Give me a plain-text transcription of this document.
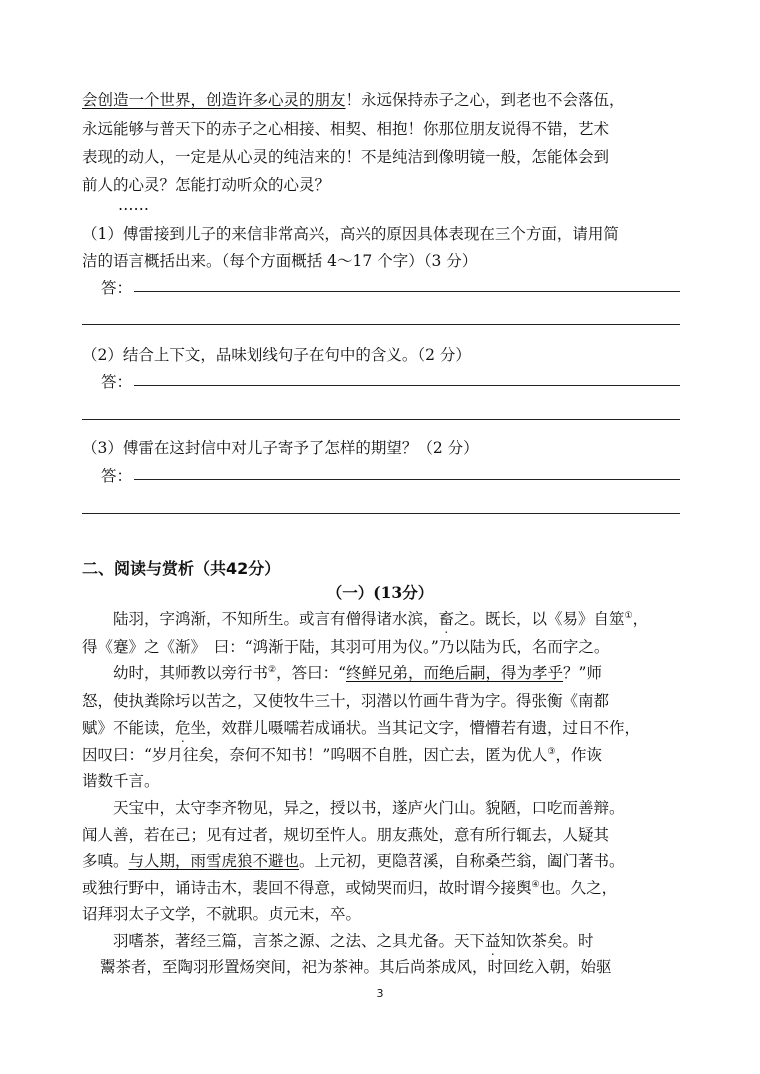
会创造一个世界，创造许多心灵的朋友！永远保持赤子之心，到老也不会落伍，
永远能够与普天下的赤子之心相接、相契、相抱！你那位朋友说得不错，艺术
表现的动人，一定是从心灵的纯洁来的！不是纯洁到像明镜一般，怎能体会到
前人的心灵？怎能打动听众的心灵？
……
（1）傅雷接到儿子的来信非常高兴，高兴的原因具体表现在三个方面，请用简
洁的语言概括出来。（每个方面概括 4～17 个字）（3 分）
答：
（2）结合上下文，品味划线句子在句中的含义。（2 分）
答：
（3）傅雷在这封信中对儿子寄予了怎样的期望？（2 分）
答：
二、阅读与赏析（共42分）
（一）(13分）
　　陆羽，字鸿渐，不知所生。或言有僧得诸水滨，畜之。既长，以《易》自筮①，
得《蹇》之《渐》　曰：“鸿渐于陆，其羽可用为仪。”乃以陆为氏，名而字之。
　　幼时，其师教以旁行书②，答曰：“终鲜兄弟，而绝后嗣，得为孝乎？”师
怒，使执粪除圬以苦之，又使牧牛三十，羽潜以竹画牛背为字。得张衡《南都
赋》不能读，危坐，效群儿嗫嚅若成诵状。当其记文字，懵懵若有遗，过日不作，
因叹曰：“岁月往矣，奈何不知书！”呜咽不自胜，因亡去，匿为优人③，作诙
谐数千言。
　　天宝中，太守李齐物见，异之，授以书，遂庐火门山。貌陋，口吃而善辩。
闻人善，若在己；见有过者，规切至忤人。朋友燕处，意有所行辄去，人疑其
多嗔。与人期，雨雪虎狼不避也。上元初，更隐苕溪，自称桑苎翁，阖门著书。
或独行野中，诵诗击木，裴回不得意，或恸哭而归，故时谓今接舆④也。久之，
诏拜羽太子文学，不就职。贞元末，卒。
　　羽嗜茶，著经三篇，言茶之源、之法、之具尤备。天下益知饮茶矣。时
鬻茶者，至陶羽形置炀突间，祀为茶神。其后尚茶成风，时回纥入朝，始驱
3
